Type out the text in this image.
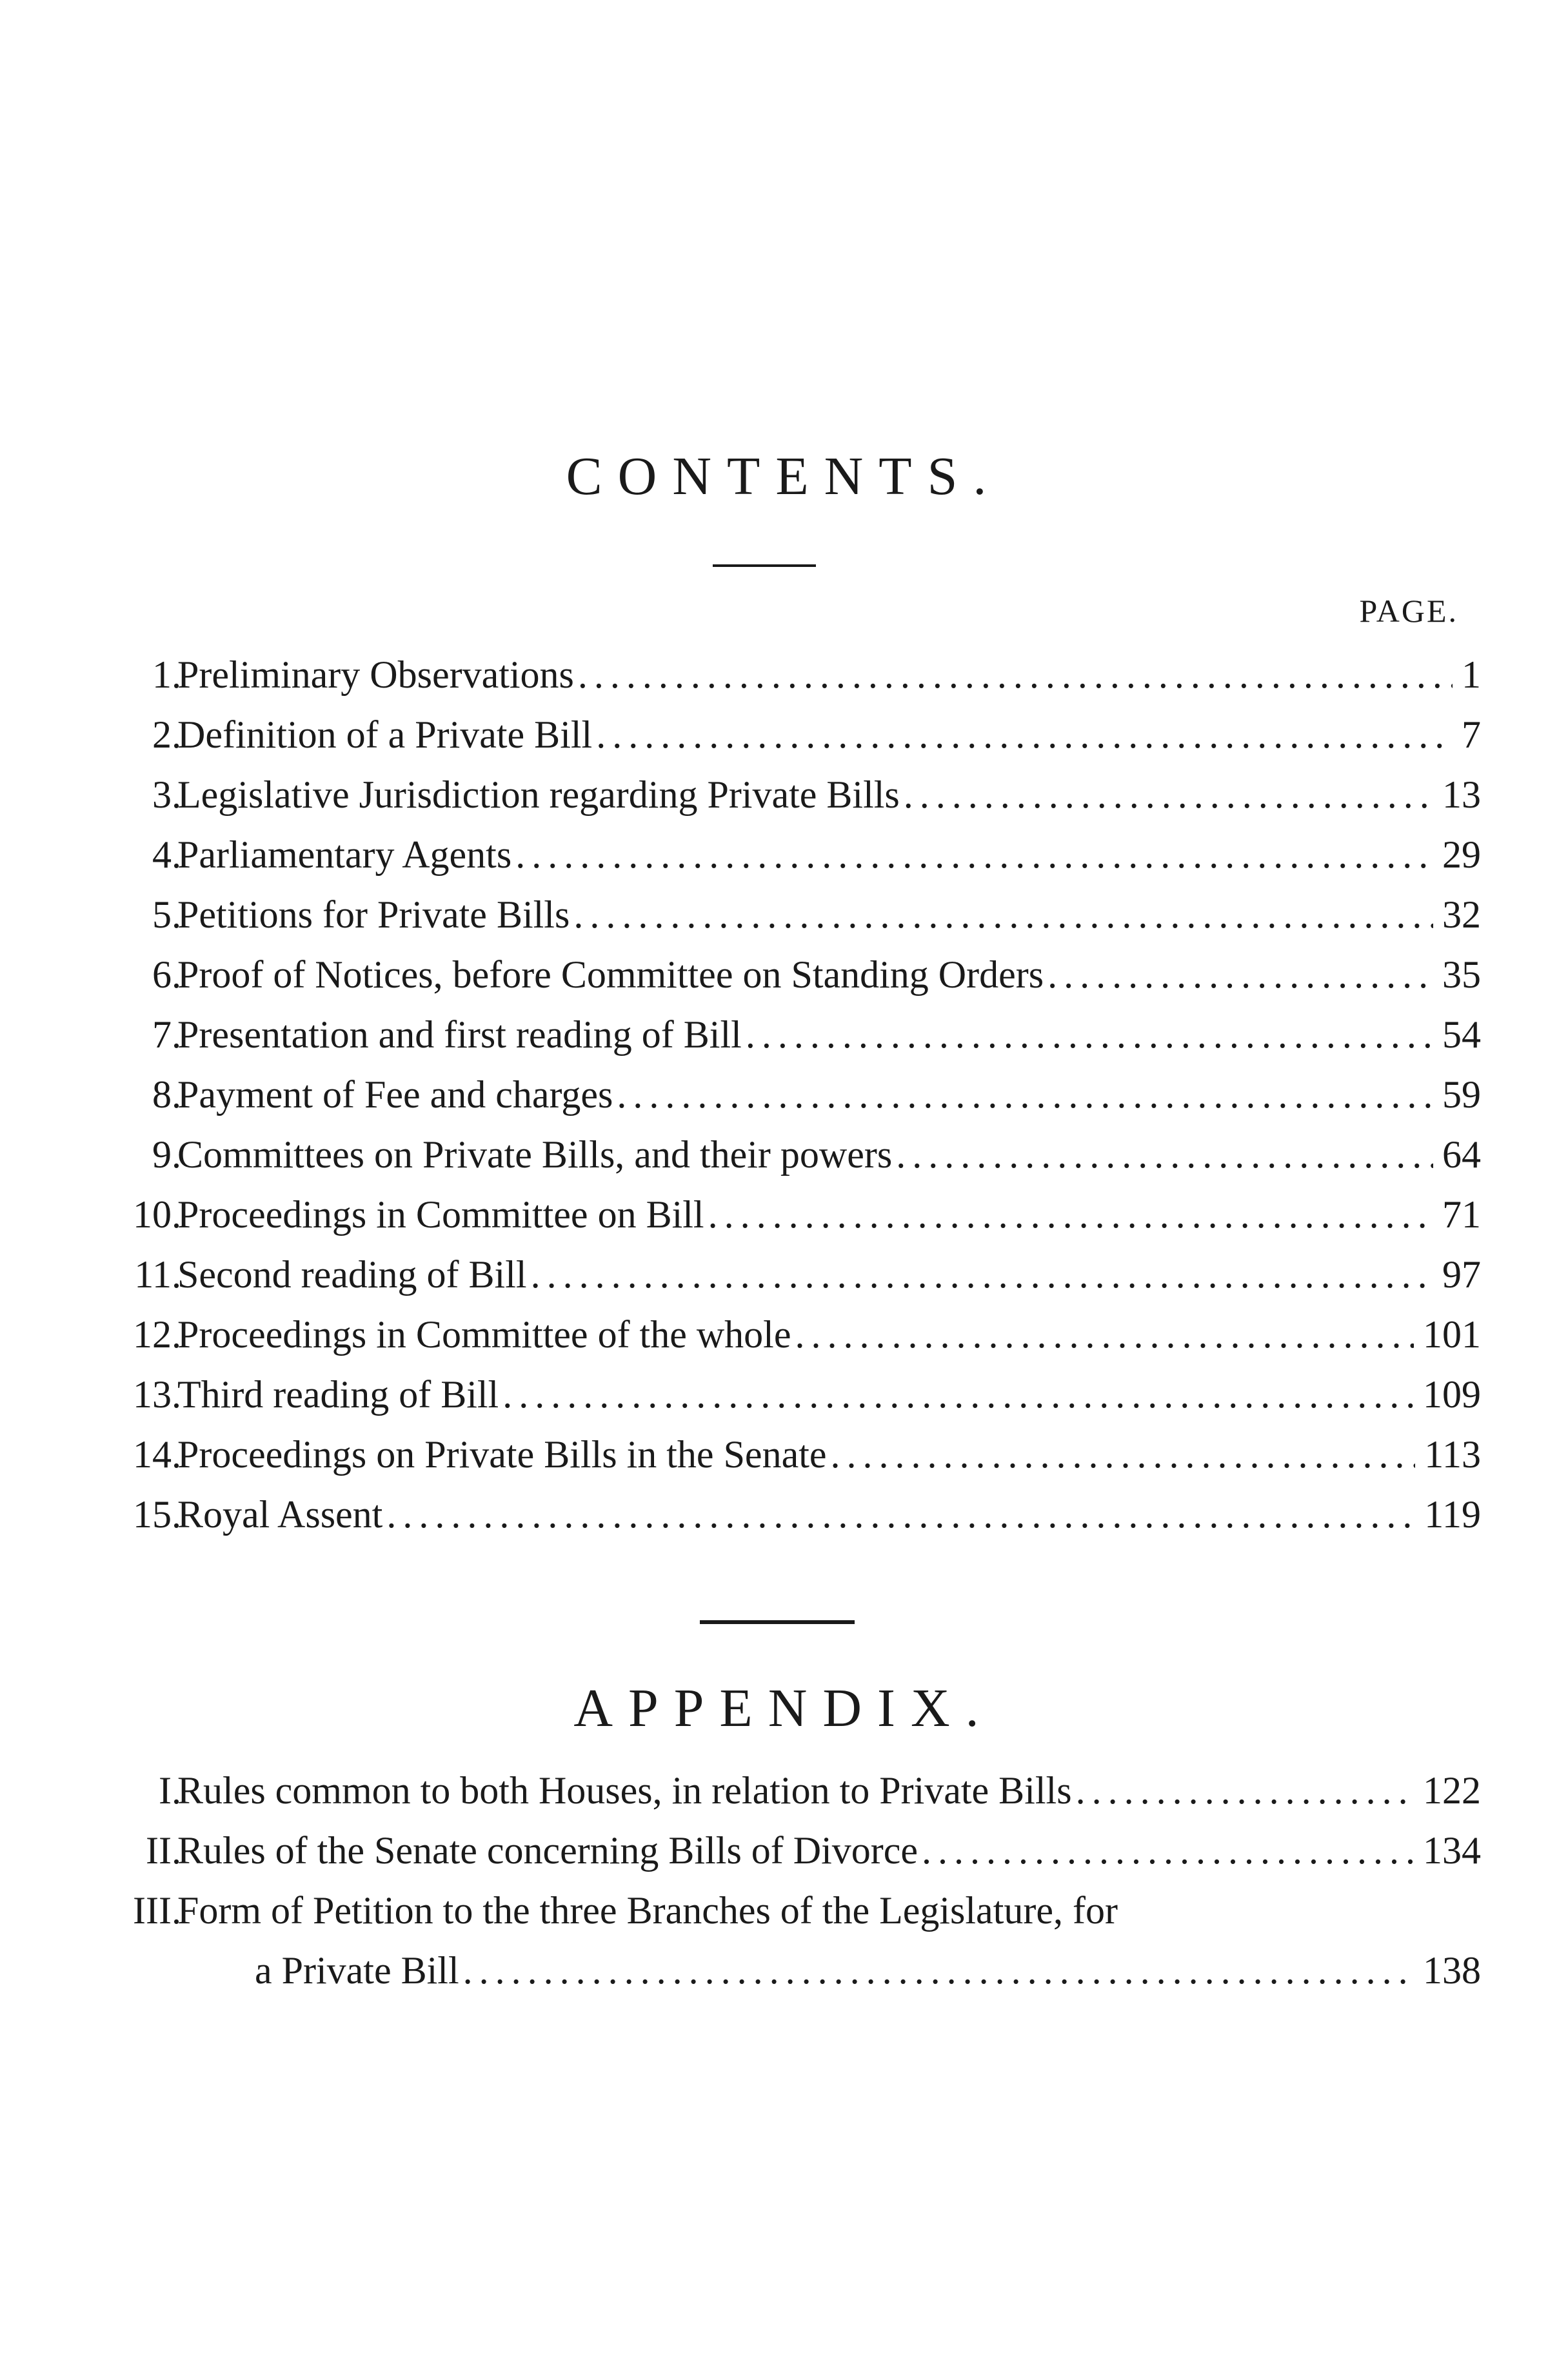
CONTENTS.
PAGE.
1.
Preliminary Observations .....	1
2.
Definition of a Private Bill .....	7
3.
Legislative Jurisdiction regarding Private Bills .....	13
4.
Parliamentary Agents .....	29
5.
Petitions for Private Bills .....	32
6.
Proof of Notices, before Committee on Standing Orders .....	35
7.
Presentation and first reading of Bill .....	54
8.
Payment of Fee and charges .....	59
9.
Committees on Private Bills, and their powers .....	64
10.
Proceedings in Committee on Bill .....	71
11.
Second reading of Bill .....	97
12.
Proceedings in Committee of the whole .....	101
13.
Third reading of Bill .....	109
14.
Proceedings on Private Bills in the Senate .....	113
15.
Royal Assent .....	119
APPENDIX.
I.
Rules common to both Houses, in relation to Private Bills .....	122
II.
Rules of the Senate concerning Bills of Divorce .....	134
III.
Form of Petition to the three Branches of the Legislature, for
a Private Bill .....	138
